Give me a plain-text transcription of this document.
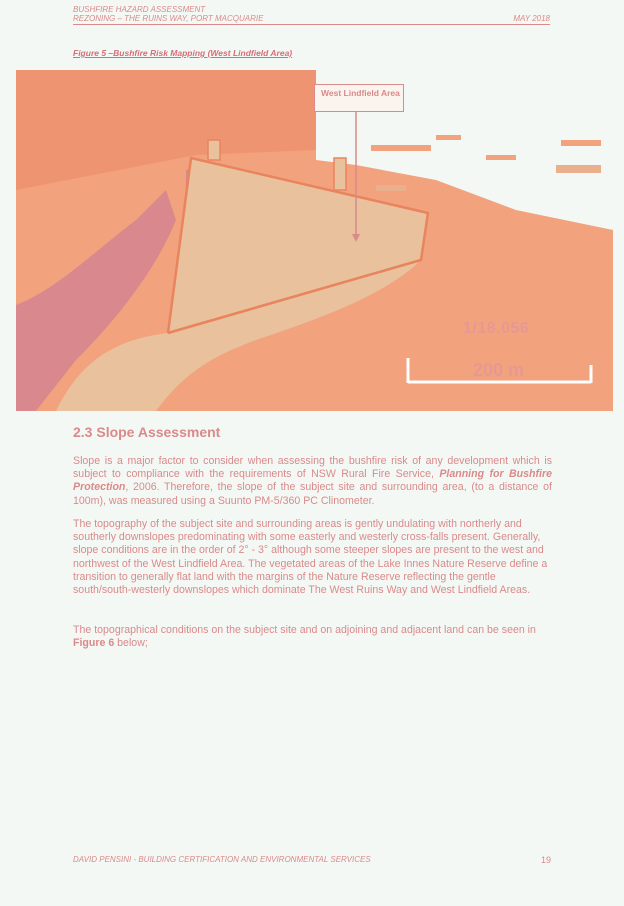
BUSHFIRE HAZARD ASSESSMENT
REZONING – THE RUINS WAY, PORT MACQUARIE	MAY 2018
Figure 5 –Bushfire Risk Mapping (West Lindfield Area)
West Lindfield Area
1/18.056
200 m
2.3 Slope Assessment

Slope is a major factor to consider when assessing the bushfire risk of any development which is subject to compliance with the requirements of NSW Rural Fire Service, Planning for Bushfire Protection, 2006. Therefore, the slope of the subject site and surrounding area, (to a distance of 100m), was measured using a Suunto PM-5/360 PC Clinometer.

The topography of the subject site and surrounding areas is gently undulating with northerly and southerly downslopes predominating with some easterly and westerly cross-falls present. Generally, slope conditions are in the order of 2° - 3° although some steeper slopes are present to the west and northwest of the West Lindfield Area. The vegetated areas of the Lake Innes Nature Reserve define a transition to generally flat land with the margins of the Nature Reserve reflecting the gentle south/south-westerly downslopes which dominate The West Ruins Way and West Lindfield Areas.

The topographical conditions on the subject site and on adjoining and adjacent land can be seen in Figure 6 below;

DAVID PENSINI - BUILDING CERTIFICATION AND ENVIRONMENTAL SERVICES	19
